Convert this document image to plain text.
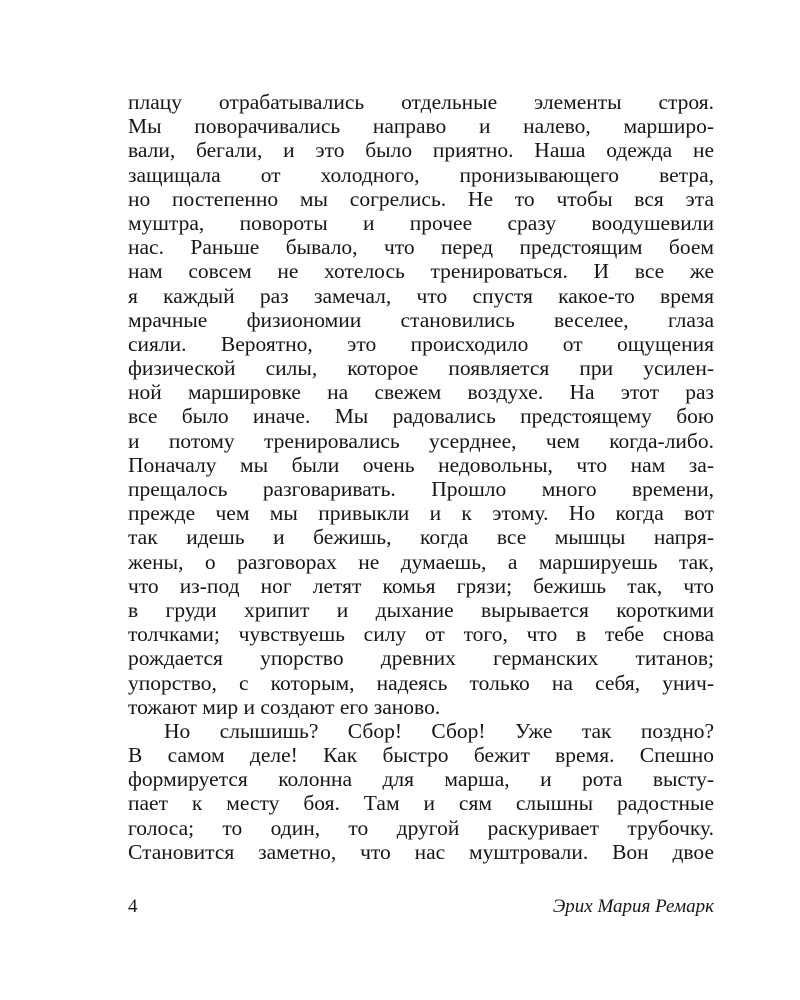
плацу отрабатывались отдельные элементы строя.
Мы поворачивались направо и налево, марширо-
вали, бегали, и это было приятно. Наша одежда не
защищала от холодного, пронизывающего ветра,
но постепенно мы согрелись. Не то чтобы вся эта
муштра, повороты и прочее сразу воодушевили
нас. Раньше бывало, что перед предстоящим боем
нам совсем не хотелось тренироваться. И все же
я каждый раз замечал, что спустя какое-то время
мрачные физиономии становились веселее, глаза
сияли. Вероятно, это происходило от ощущения
физической силы, которое появляется при усилен-
ной маршировке на свежем воздухе. На этот раз
все было иначе. Мы радовались предстоящему бою
и потому тренировались усерднее, чем когда-либо.
Поначалу мы были очень недовольны, что нам за-
прещалось разговаривать. Прошло много времени,
прежде чем мы привыкли и к этому. Но когда вот
так идешь и бежишь, когда все мышцы напря-
жены, о разговорах не думаешь, а маршируешь так,
что из-под ног летят комья грязи; бежишь так, что
в груди хрипит и дыхание вырывается короткими
толчками; чувствуешь силу от того, что в тебе снова
рождается упорство древних германских титанов;
упорство, с которым, надеясь только на себя, унич-
тожают мир и создают его заново.
Но слышишь? Сбор! Сбор! Уже так поздно?
В самом деле! Как быстро бежит время. Спешно
формируется колонна для марша, и рота высту-
пает к месту боя. Там и сям слышны радостные
голоса; то один, то другой раскуривает трубочку.
Становится заметно, что нас муштровали. Вон двое
4	Эрих Мария Ремарк
